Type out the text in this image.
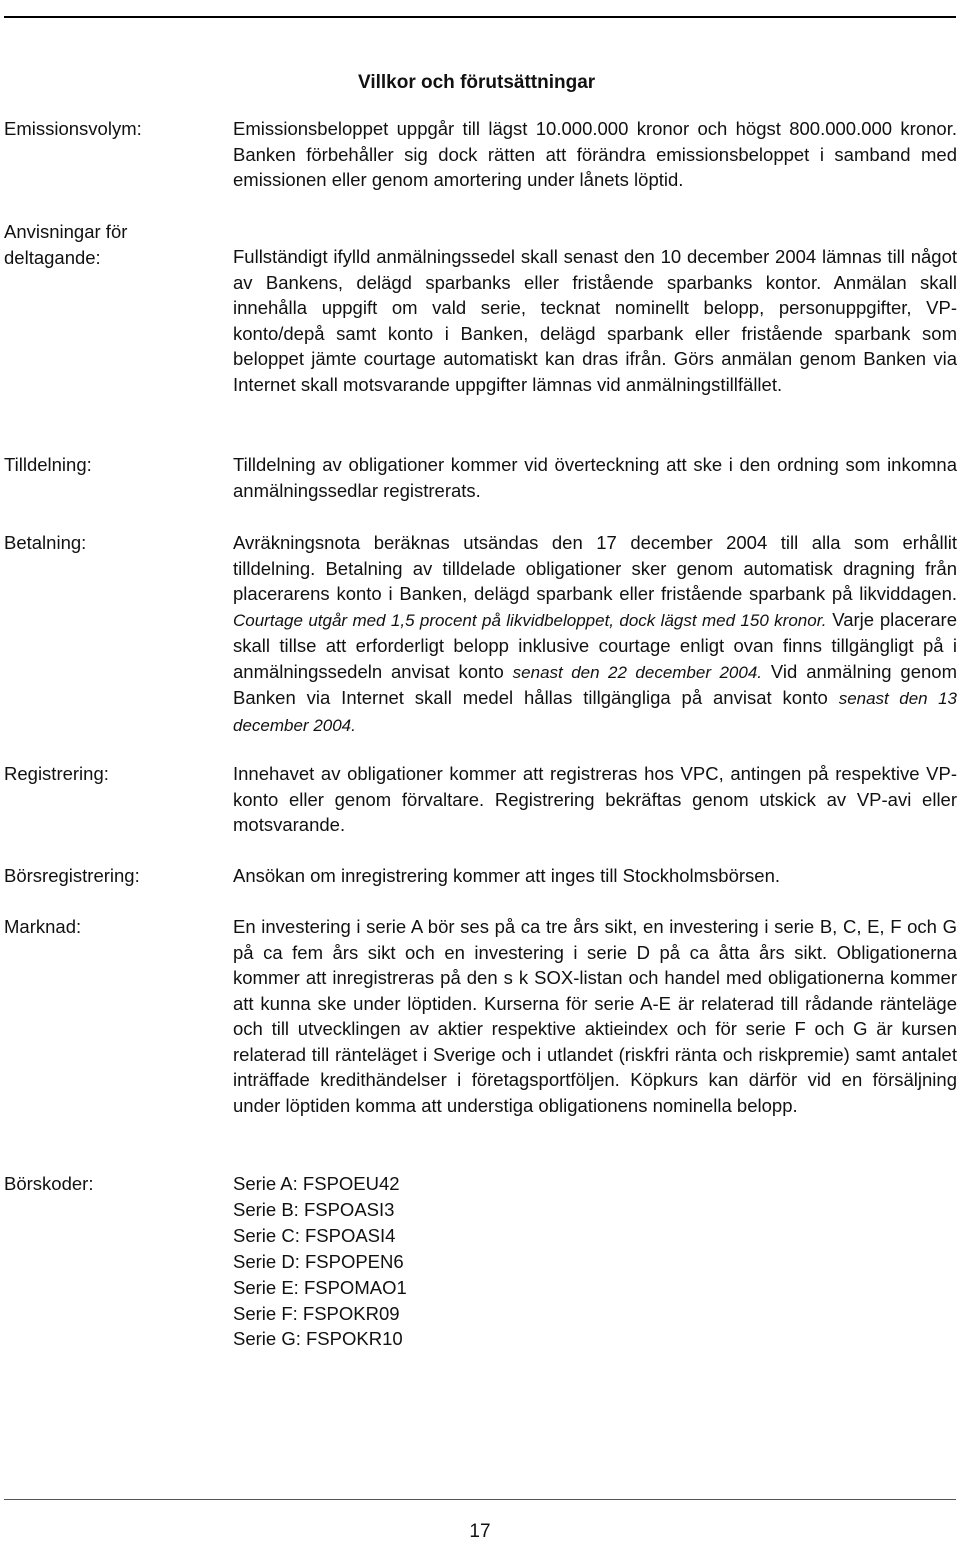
Villkor och förutsättningar
Emissionsvolym:	Emissionsbeloppet uppgår till lägst 10.000.000 kronor och högst 800.000.000 kronor. Banken förbehåller sig dock rätten att förändra emissionsbeloppet i samband med emissionen eller genom amortering under lånets löptid.

Anvisningar för deltagande:	Fullständigt ifylld anmälningssedel skall senast den 10 december 2004 lämnas till något av Bankens, delägd sparbanks eller fristående sparbanks kontor. Anmälan skall innehålla uppgift om vald serie, tecknat nominellt belopp, personuppgifter, VP-konto/depå samt konto i Banken, delägd sparbank eller fristående sparbank som beloppet jämte courtage automatiskt kan dras ifrån. Görs anmälan genom Banken via Internet skall motsvarande uppgifter lämnas vid anmälningstillfället.

Tilldelning:	Tilldelning av obligationer kommer vid överteckning att ske i den ordning som inkomna anmälningssedlar registrerats.

Betalning:	Avräkningsnota beräknas utsändas den 17 december 2004 till alla som erhållit tilldelning. Betalning av tilldelade obligationer sker genom automatisk dragning från placerarens konto i Banken, delägd sparbank eller fristående sparbank på likviddagen. Courtage utgår med 1,5 procent på likvidbeloppet, dock lägst med 150 kronor. Varje placerare skall tillse att erforderligt belopp inklusive courtage enligt ovan finns tillgängligt på i anmälningssedeln anvisat konto senast den 22 december 2004. Vid anmälning genom Banken via Internet skall medel hållas tillgängliga på anvisat konto senast den 13 december 2004.

Registrering:	Innehavet av obligationer kommer att registreras hos VPC, antingen på respektive VP-konto eller genom förvaltare. Registrering bekräftas genom utskick av VP-avi eller motsvarande.

Börsregistrering:	Ansökan om inregistrering kommer att inges till Stockholmsbörsen.

Marknad:	En investering i serie A bör ses på ca tre års sikt, en investering i serie B, C, E, F och G på ca fem års sikt och en investering i serie D på ca åtta års sikt. Obligationerna kommer att inregistreras på den s k SOX-listan och handel med obligationerna kommer att kunna ske under löptiden. Kurserna för serie A-E är relaterad till rådande ränteläge och till utvecklingen av aktier respektive aktieindex och för serie F och G är kursen relaterad till ränteläget i Sverige och i utlandet (riskfri ränta och riskpremie) samt antalet inträffade kredithändelser i företagsportföljen. Köpkurs kan därför vid en försäljning under löptiden komma att understiga obligationens nominella belopp.

Börskoder:	Serie A: FSPOEU42
Serie B: FSPOASI3
Serie C: FSPOASI4
Serie D: FSPOPEN6
Serie E: FSPOMAO1
Serie F: FSPOKR09
Serie G: FSPOKR10
17
